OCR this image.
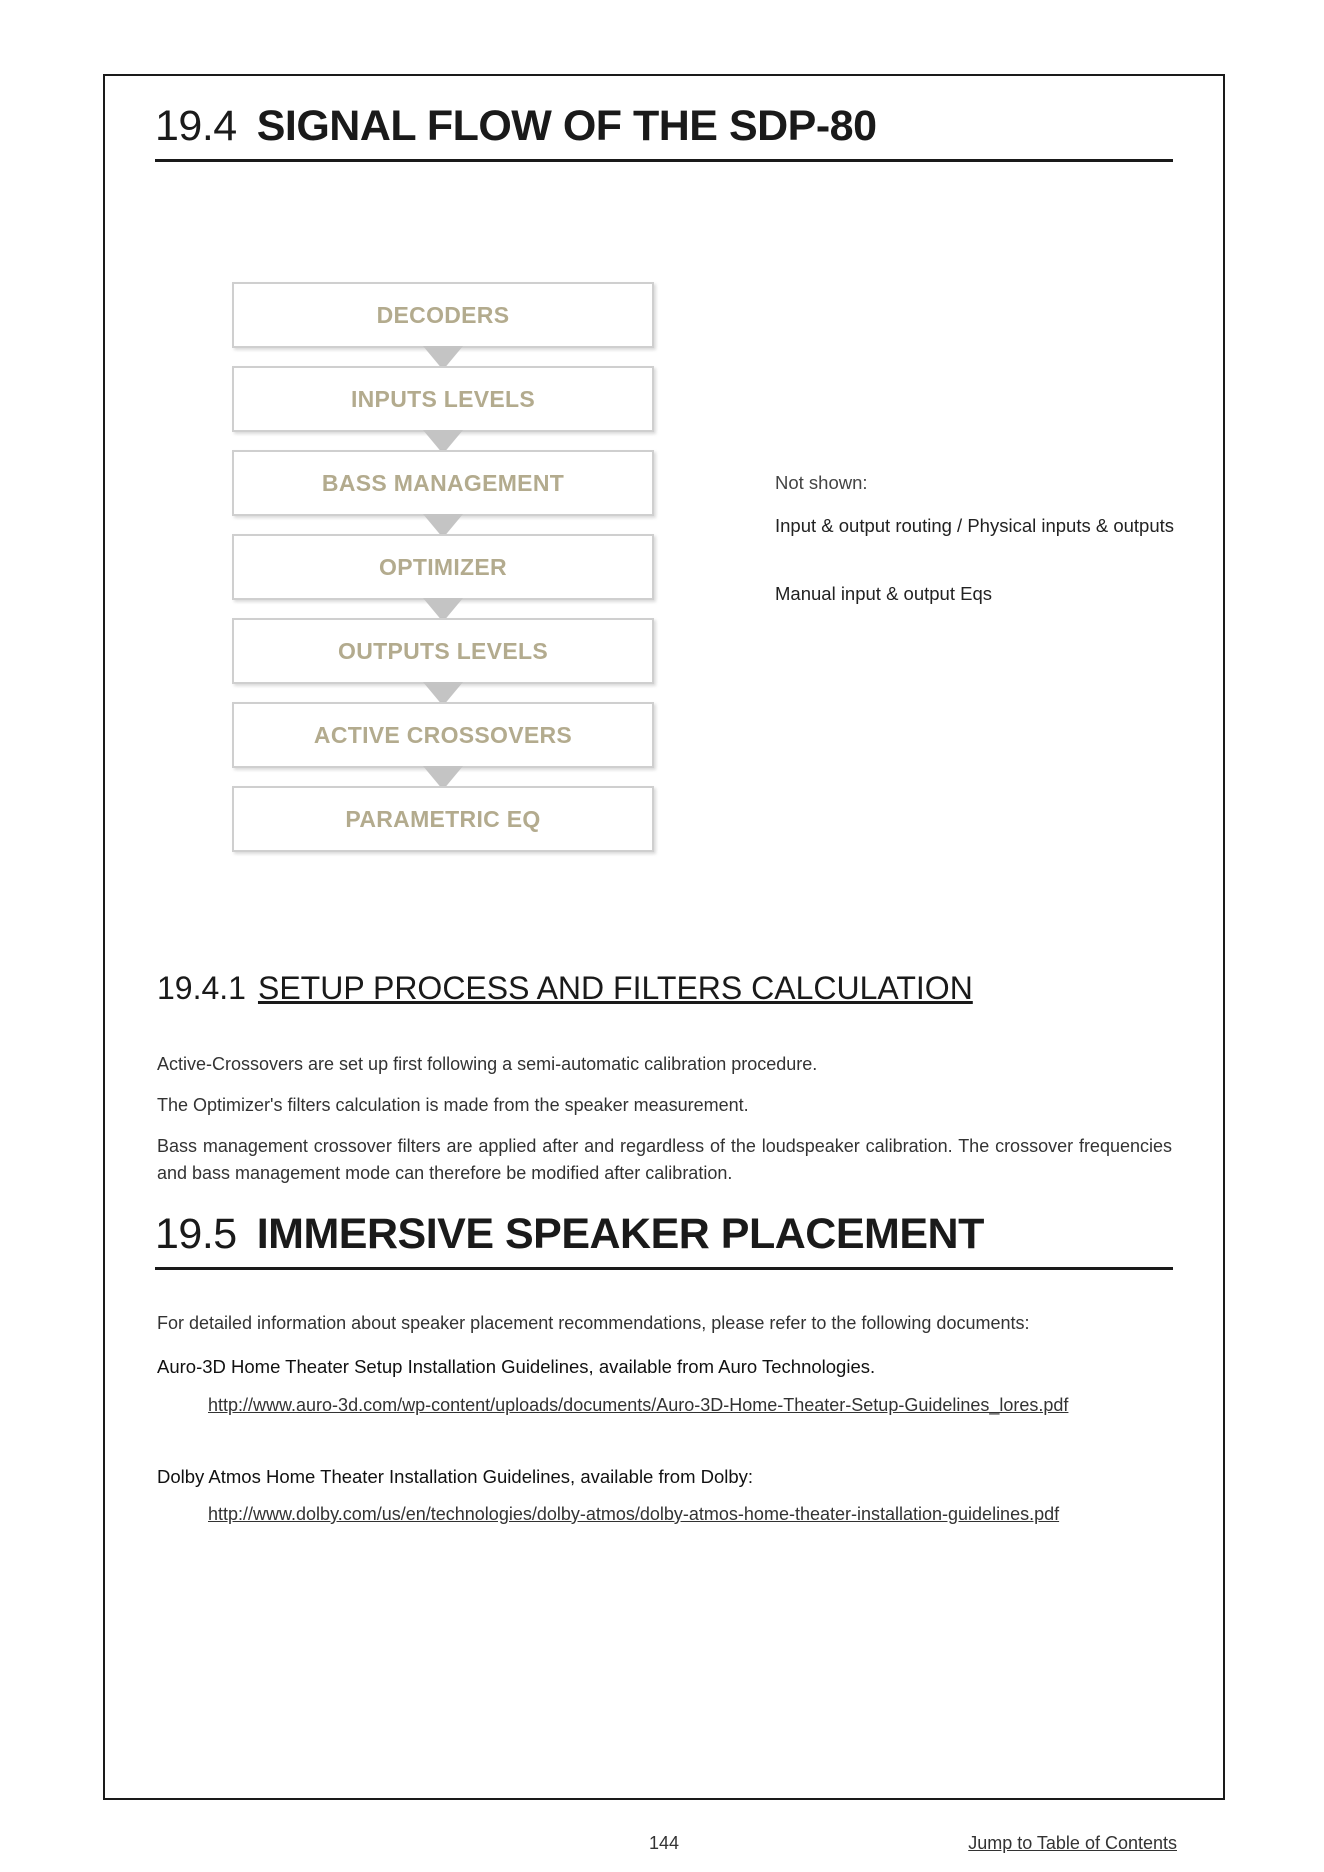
19.4 SIGNAL FLOW OF THE SDP-80
DECODERS
INPUTS LEVELS
BASS MANAGEMENT
OPTIMIZER
OUTPUTS LEVELS
ACTIVE CROSSOVERS
PARAMETRIC EQ
Not shown:
Input & output routing / Physical inputs & outputs
Manual input & output Eqs
19.4.1 SETUP PROCESS AND FILTERS CALCULATION

Active-Crossovers are set up first following a semi-automatic calibration procedure.

The Optimizer's filters calculation is made from the speaker measurement.

Bass management crossover filters are applied after and regardless of the loudspeaker calibration. The crossover frequencies and bass management mode can therefore be modified after calibration.

19.5 IMMERSIVE SPEAKER PLACEMENT

For detailed information about speaker placement recommendations, please refer to the following documents:

Auro-3D Home Theater Setup Installation Guidelines, available from Auro Technologies.

http://www.auro-3d.com/wp-content/uploads/documents/Auro-3D-Home-Theater-Setup-Guidelines_lores.pdf

Dolby Atmos Home Theater Installation Guidelines, available from Dolby:

http://www.dolby.com/us/en/technologies/dolby-atmos/dolby-atmos-home-theater-installation-guidelines.pdf
144	Jump to Table of Contents
